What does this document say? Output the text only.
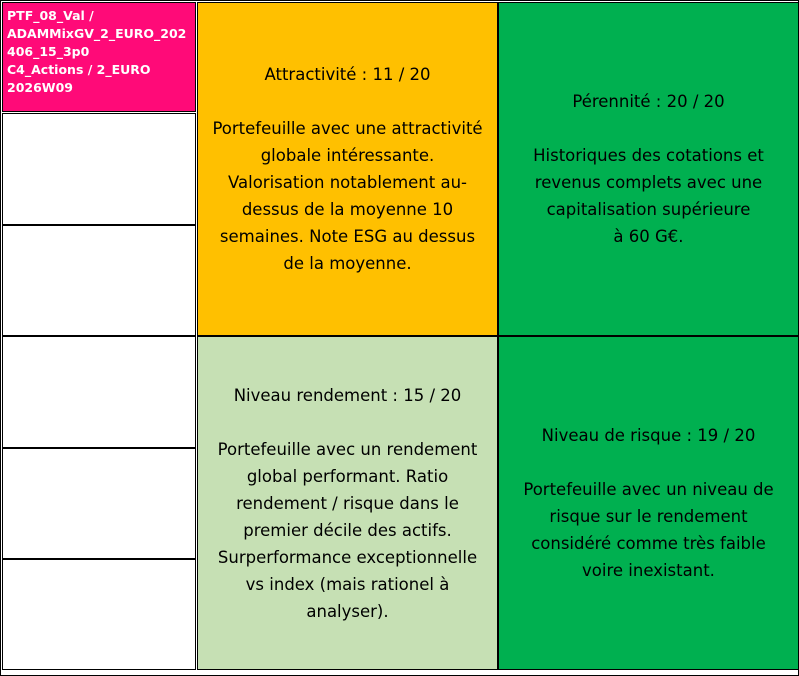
PTF_08_Val /
ADAMMixGV_2_EURO_202
406_15_3p0
C4_Actions / 2_EURO
2026W09
Attractivité : 11 / 20
Portefeuille avec une attractivité
globale intéressante.
Valorisation notablement au-
dessus de la moyenne 10
semaines. Note ESG au dessus
de la moyenne.
Pérennité : 20 / 20
Historiques des cotations et
revenus complets avec une
capitalisation supérieure
à 60 G€.
Niveau rendement : 15 / 20
Portefeuille avec un rendement
global performant. Ratio
rendement / risque dans le
premier décile des actifs.
Surperformance exceptionnelle
vs index (mais rationel à
analyser).
Niveau de risque : 19 / 20
Portefeuille avec un niveau de
risque sur le rendement
considéré comme très faible
voire inexistant.
